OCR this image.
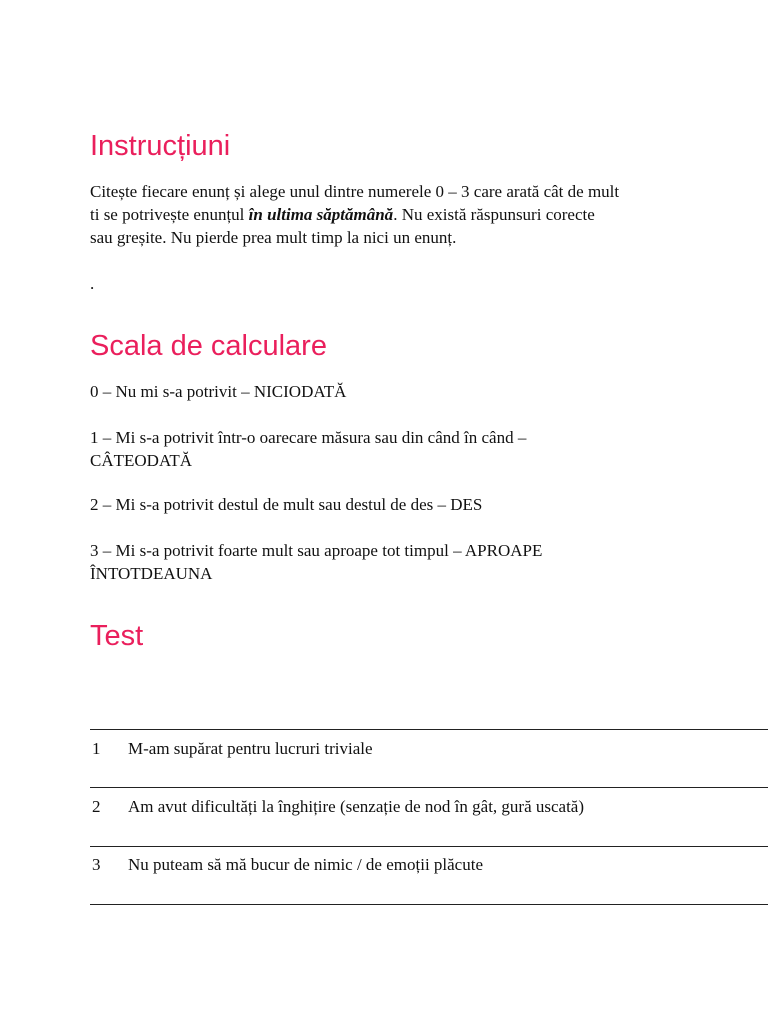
Instrucțiuni

Citește fiecare enunț și alege unul dintre numerele 0 – 3 care arată cât de mult

ti se potrivește enunțul în ultima săptămână. Nu există răspunsuri corecte

sau greșite. Nu pierde prea mult timp la nici un enunț.

.

Scala de calculare

0 – Nu mi s-a potrivit – NICIODATĂ

1 – Mi s-a potrivit într-o oarecare măsura sau din când în când –

CÂTEODATĂ

2 – Mi s-a potrivit destul de mult sau destul de des – DES

3 – Mi s-a potrivit foarte mult sau aproape tot timpul – APROAPE

ÎNTOTDEAUNA

Test
1 M-am supărat pentru lucruri triviale
2 Am avut dificultăți la înghițire (senzație de nod în gât, gură uscată)
3 Nu puteam să mă bucur de nimic / de emoții plăcute
